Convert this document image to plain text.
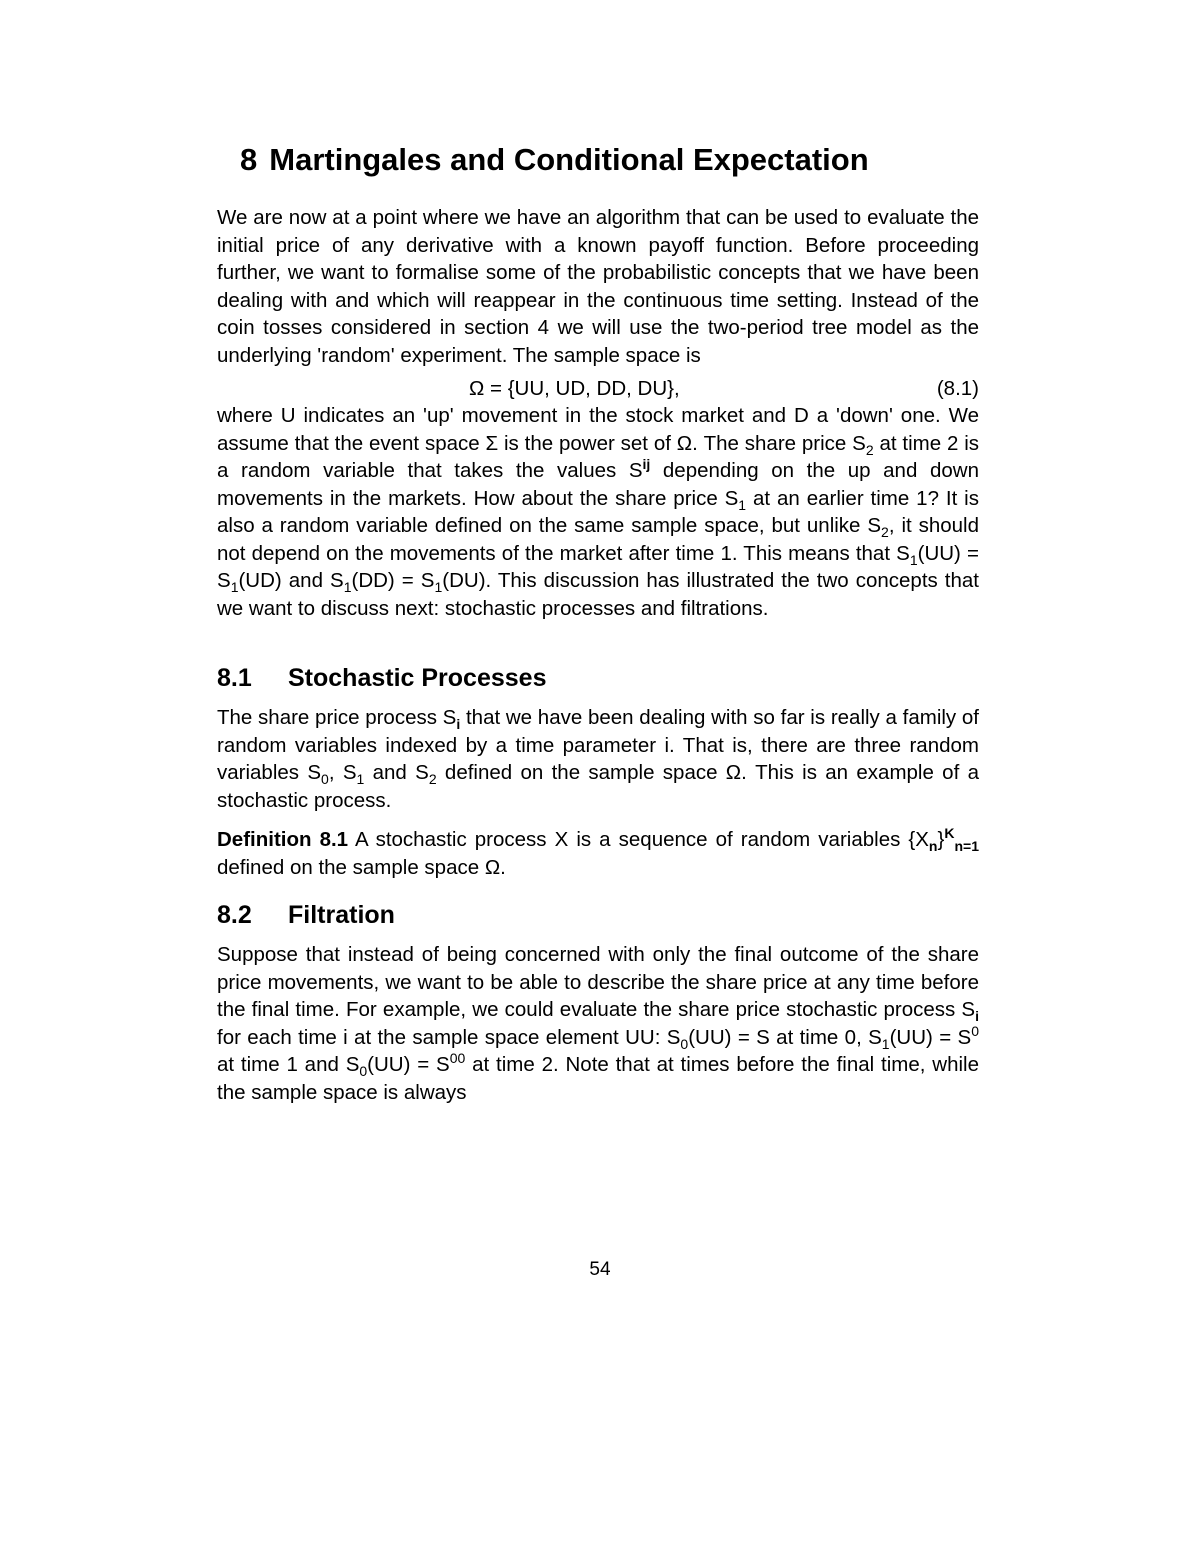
8 Martingales and Conditional Expectation

We are now at a point where we have an algorithm that can be used to evaluate the initial price of any derivative with a known payoff function. Before proceeding further, we want to formalise some of the probabilistic concepts that we have been dealing with and which will reappear in the continuous time setting. Instead of the coin tosses considered in section 4 we will use the two-period tree model as the underlying 'random' experiment. The sample space is

Ω = {UU, UD, DD, DU},	(8.1)

where U indicates an 'up' movement in the stock market and D a 'down' one. We assume that the event space Σ is the power set of Ω. The share price $S_2$ at time 2 is a random variable that takes the values $S^{ij}$ depending on the up and down movements in the markets. How about the share price $S_1$ at an earlier time 1? It is also a random variable defined on the same sample space, but unlike $S_2$, it should not depend on the movements of the market after time 1. This means that $S_1(UU) = S_1(UD)$ and $S_1(DD) = S_1(DU)$. This discussion has illustrated the two concepts that we want to discuss next: stochastic processes and filtrations.

8.1 Stochastic Processes

The share price process $S_i$ that we have been dealing with so far is really a family of random variables indexed by a time parameter i. That is, there are three random variables $S_0$, $S_1$ and $S_2$ defined on the sample space Ω. This is an example of a stochastic process.

Definition 8.1 A stochastic process X is a sequence of random variables $\{X_n\}^K_{n=1}$ defined on the sample space Ω.

8.2 Filtration

Suppose that instead of being concerned with only the final outcome of the share price movements, we want to be able to describe the share price at any time before the final time. For example, we could evaluate the share price stochastic process $S_i$ for each time i at the sample space element UU: $S_0(UU) = S$ at time 0, $S_1(UU) = S^0$ at time 1 and $S_0(UU) = S^{00}$ at time 2. Note that at times before the final time, while the sample space is always

54
